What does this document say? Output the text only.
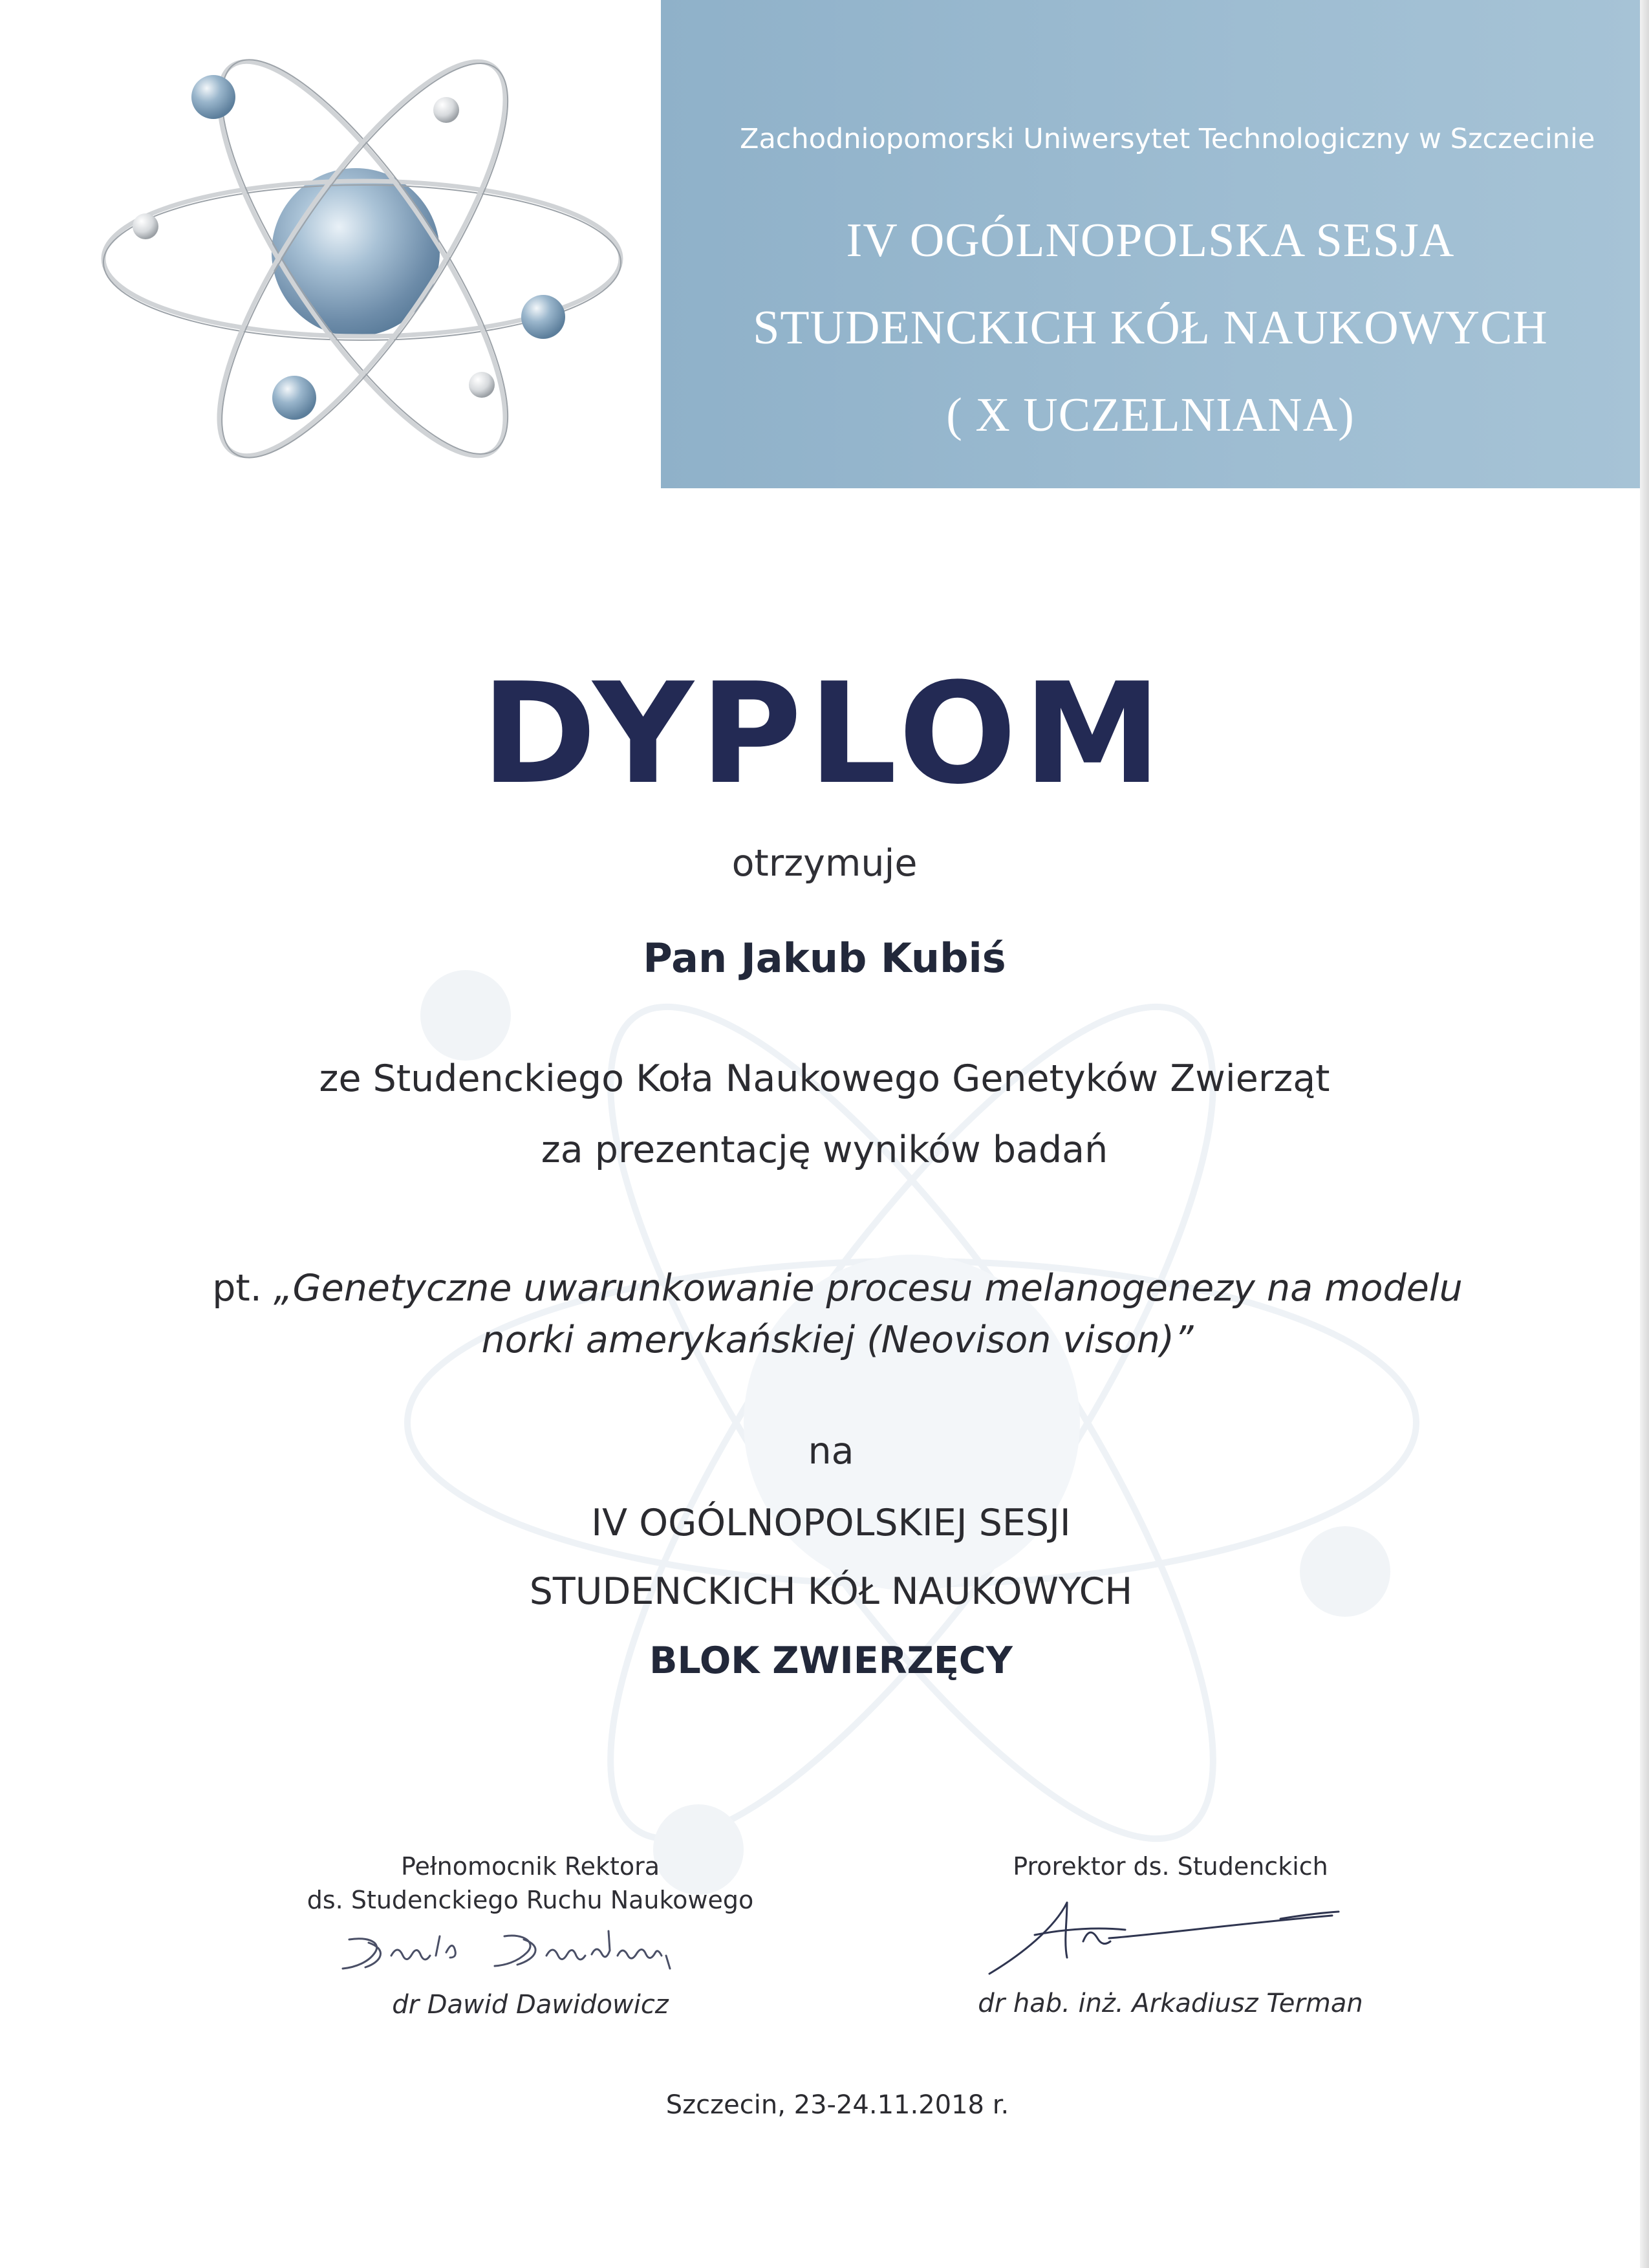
Zachodniopomorski Uniwersytet Technologiczny w Szczecinie
IV OGÓLNOPOLSKA SESJA
STUDENCKICH KÓŁ NAUKOWYCH
( X UCZELNIANA)
DYPLOM
otrzymuje
Pan Jakub Kubiś
ze Studenckiego Koła Naukowego Genetyków Zwierząt
za prezentację wyników badań
pt. „Genetyczne uwarunkowanie procesu melanogenezy na modelu
norki amerykańskiej (Neovison vison)”
na
IV OGÓLNOPOLSKIEJ SESJI
STUDENCKICH KÓŁ NAUKOWYCH
BLOK ZWIERZĘCY
Pełnomocnik Rektora
ds. Studenckiego Ruchu Naukowego
dr Dawid Dawidowicz
Prorektor ds. Studenckich
dr hab. inż. Arkadiusz Terman
Szczecin, 23-24.11.2018 r.
